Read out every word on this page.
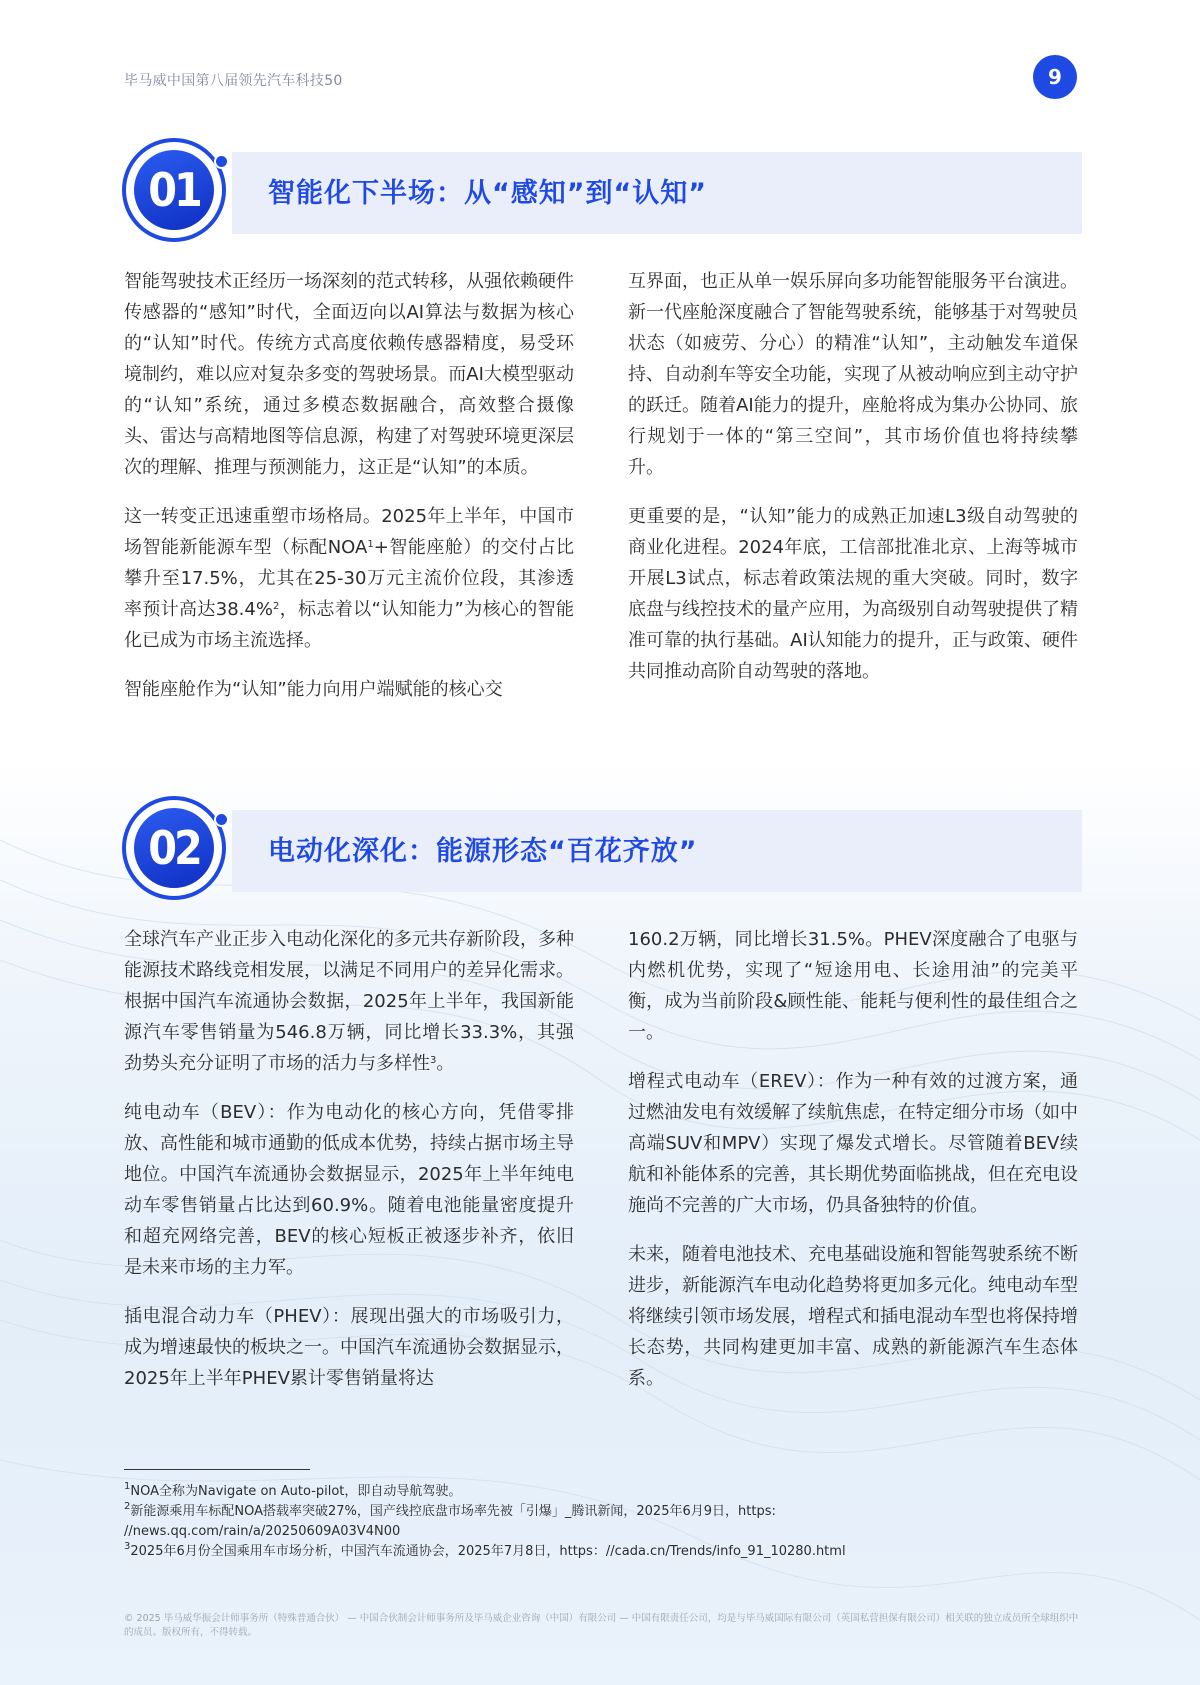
毕马威中国第八届领先汽车科技50	9
01	智能化下半场：从“感知”到“认知”

智能驾驶技术正经历一场深刻的范式转移，从强依赖硬件传感器的“感知”时代，全面迈向以AI算法与数据为核心的“认知”时代。传统方式高度依赖传感器精度，易受环境制约，难以应对复杂多变的驾驶场景。而AI大模型驱动的“认知”系统，通过多模态数据融合，高效整合摄像头、雷达与高精地图等信息源，构建了对驾驶环境更深层次的理解、推理与预测能力，这正是“认知”的本质。

这一转变正迅速重塑市场格局。2025年上半年，中国市场智能新能源车型（标配$NOA^1+$智能座舱）的交付占比攀升至17.5%，尤其在25-30万元主流价位段，其渗透率预计高达38.4%$^2$，标志着以“认知能力”为核心的智能化已成为市场主流选择。

智能座舱作为“认知”能力向用户端赋能的核心交

互界面，也正从单一娱乐屏向多功能智能服务平台演进。新一代座舱深度融合了智能驾驶系统，能够基于对驾驶员状态（如疲劳、分心）的精准“认知”，主动触发车道保持、自动刹车等安全功能，实现了从被动响应到主动守护的跃迁。随着AI能力的提升，座舱将成为集办公协同、旅行规划于一体的“第三空间”，其市场价值也将持续攀升。

更重要的是，“认知”能力的成熟正加速L3级自动驾驶的商业化进程。2024年底，工信部批准北京、上海等城市开展L3试点，标志着政策法规的重大突破。同时，数字底盘与线控技术的量产应用，为高级别自动驾驶提供了精准可靠的执行基础。AI认知能力的提升，正与政策、硬件共同推动高阶自动驾驶的落地。

02	电动化深化：能源形态“百花齐放”

全球汽车产业正步入电动化深化的多元共存新阶段，多种能源技术路线竞相发展，以满足不同用户的差异化需求。根据中国汽车流通协会数据，2025年上半年，我国新能源汽车零售销量为546.8万辆，同比增长33.3%，其强劲势头充分证明了市场的活力与多样性$^3$。

纯电动车（BEV）：作为电动化的核心方向，凭借零排放、高性能和城市通勤的低成本优势，持续占据市场主导地位。中国汽车流通协会数据显示，2025年上半年纯电动车零售销量占比达到60.9%。随着电池能量密度提升和超充网络完善，BEV的核心短板正被逐步补齐，依旧是未来市场的主力军。

插电混合动力车（PHEV）：展现出强大的市场吸引力，成为增速最快的板块之一。中国汽车流通协会数据显示，2025年上半年PHEV累计零售销量将达

160.2万辆，同比增长31.5%。PHEV深度融合了电驱与内燃机优势，实现了“短途用电、长途用油”的完美平衡，成为当前阶段&顾性能、能耗与便利性的最佳组合之一。

增程式电动车（EREV）：作为一种有效的过渡方案，通过燃油发电有效缓解了续航焦虑，在特定细分市场（如中高端SUV和MPV）实现了爆发式增长。尽管随着BEV续航和补能体系的完善，其长期优势面临挑战，但在充电设施尚不完善的广大市场，仍具备独特的价值。

未来，随着电池技术、充电基础设施和智能驾驶系统不断进步，新能源汽车电动化趋势将更加多元化。纯电动车型将继续引领市场发展，增程式和插电混动车型也将保持增长态势，共同构建更加丰富、成熟的新能源汽车生态体系。

$^1$NOA全称为Navigate on Auto-pilot，即自动导航驾驶。
$^2$新能源乘用车标配NOA搭载率突破27%，国产线控底盘市场率先被「引爆」_腾讯新闻，2025年6月9日，https:
//news.qq.com/rain/a/20250609A03V4N00
$^3$2025年6月份全国乘用车市场分析，中国汽车流通协会，2025年7月8日，https：//cada.cn/Trends/info_91_10280.html
© 2025 毕马威华振会计师事务所（特殊普通合伙） — 中国合伙制会计师事务所及毕马威企业咨询（中国）有限公司 — 中国有限责任公司，均是与毕马威国际有限公司（英国私营担保有限公司）相关联的独立成员所全球组织中的成员。版权所有，不得转载。
